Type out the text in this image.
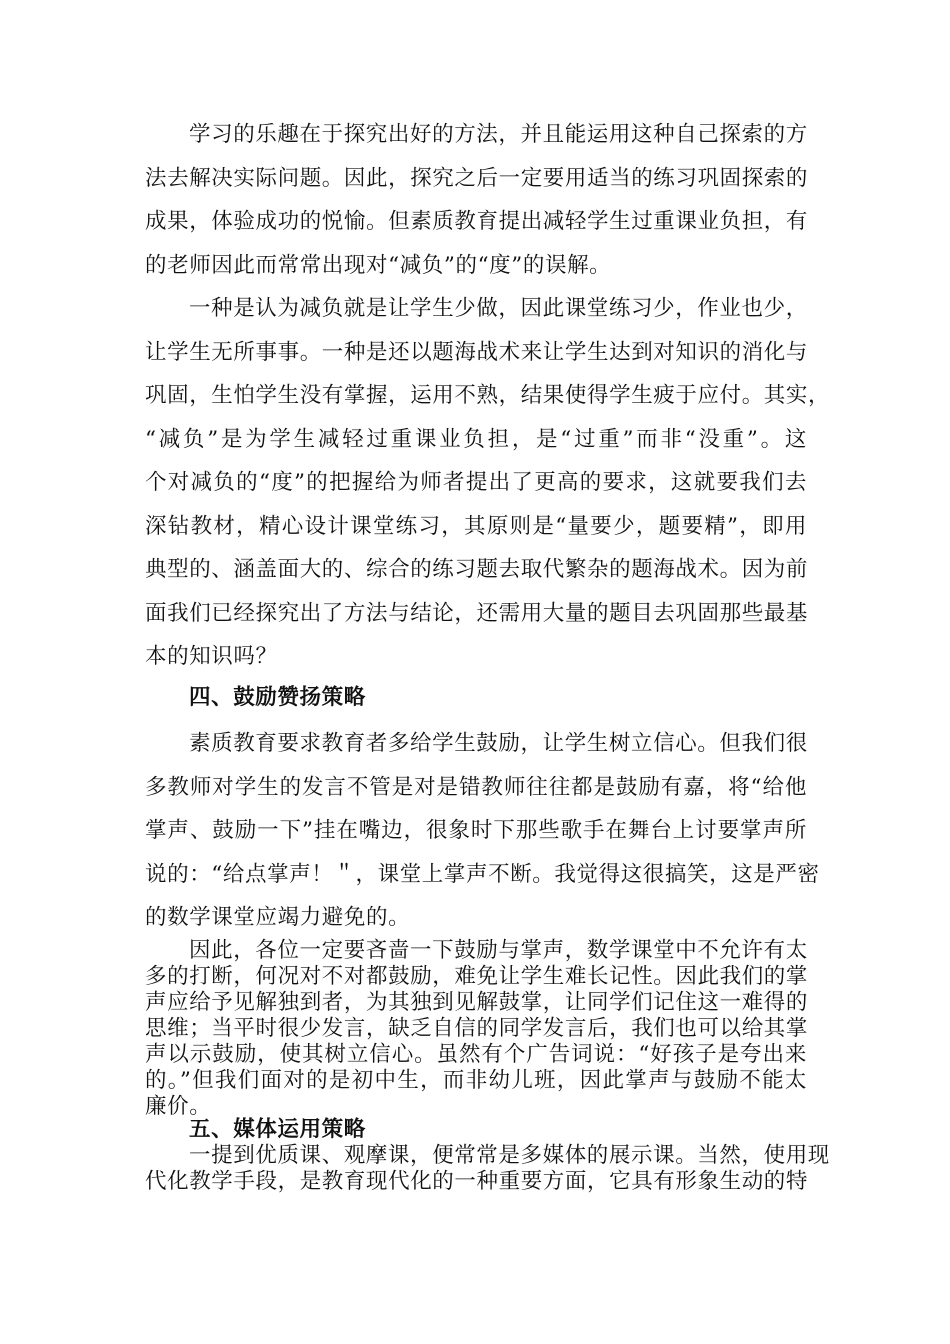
学习的乐趣在于探究出好的方法，并且能运用这种自己探索的方
法去解决实际问题。因此，探究之后一定要用适当的练习巩固探索的
成果，体验成功的悦愉。但素质教育提出减轻学生过重课业负担，有
的老师因此而常常出现对“减负”的“度”的误解。
一种是认为减负就是让学生少做，因此课堂练习少，作业也少，
让学生无所事事。一种是还以题海战术来让学生达到对知识的消化与
巩固，生怕学生没有掌握，运用不熟，结果使得学生疲于应付。其实，
“减负”是为学生减轻过重课业负担，是“过重”而非“没重”。这
个对减负的“度”的把握给为师者提出了更高的要求，这就要我们去
深钻教材，精心设计课堂练习，其原则是“量要少，题要精”，即用
典型的、涵盖面大的、综合的练习题去取代繁杂的题海战术。因为前
面我们已经探究出了方法与结论，还需用大量的题目去巩固那些最基
本的知识吗？
四、鼓励赞扬策略
素质教育要求教育者多给学生鼓励，让学生树立信心。但我们很
多教师对学生的发言不管是对是错教师往往都是鼓励有嘉，将“给他
掌声、鼓励一下”挂在嘴边，很象时下那些歌手在舞台上讨要掌声所
说的：“给点掌声！＂，课堂上掌声不断。我觉得这很搞笑，这是严密
的数学课堂应竭力避免的。
因此，各位一定要吝啬一下鼓励与掌声，数学课堂中不允许有太
多的打断，何况对不对都鼓励，难免让学生难长记性。因此我们的掌
声应给予见解独到者，为其独到见解鼓掌，让同学们记住这一难得的
思维；当平时很少发言，缺乏自信的同学发言后，我们也可以给其掌
声以示鼓励，使其树立信心。虽然有个广告词说：“好孩子是夸出来
的。”但我们面对的是初中生，而非幼儿班，因此掌声与鼓励不能太
廉价。
五、媒体运用策略
一提到优质课、观摩课，便常常是多媒体的展示课。当然，使用现
代化教学手段，是教育现代化的一种重要方面，它具有形象生动的特
